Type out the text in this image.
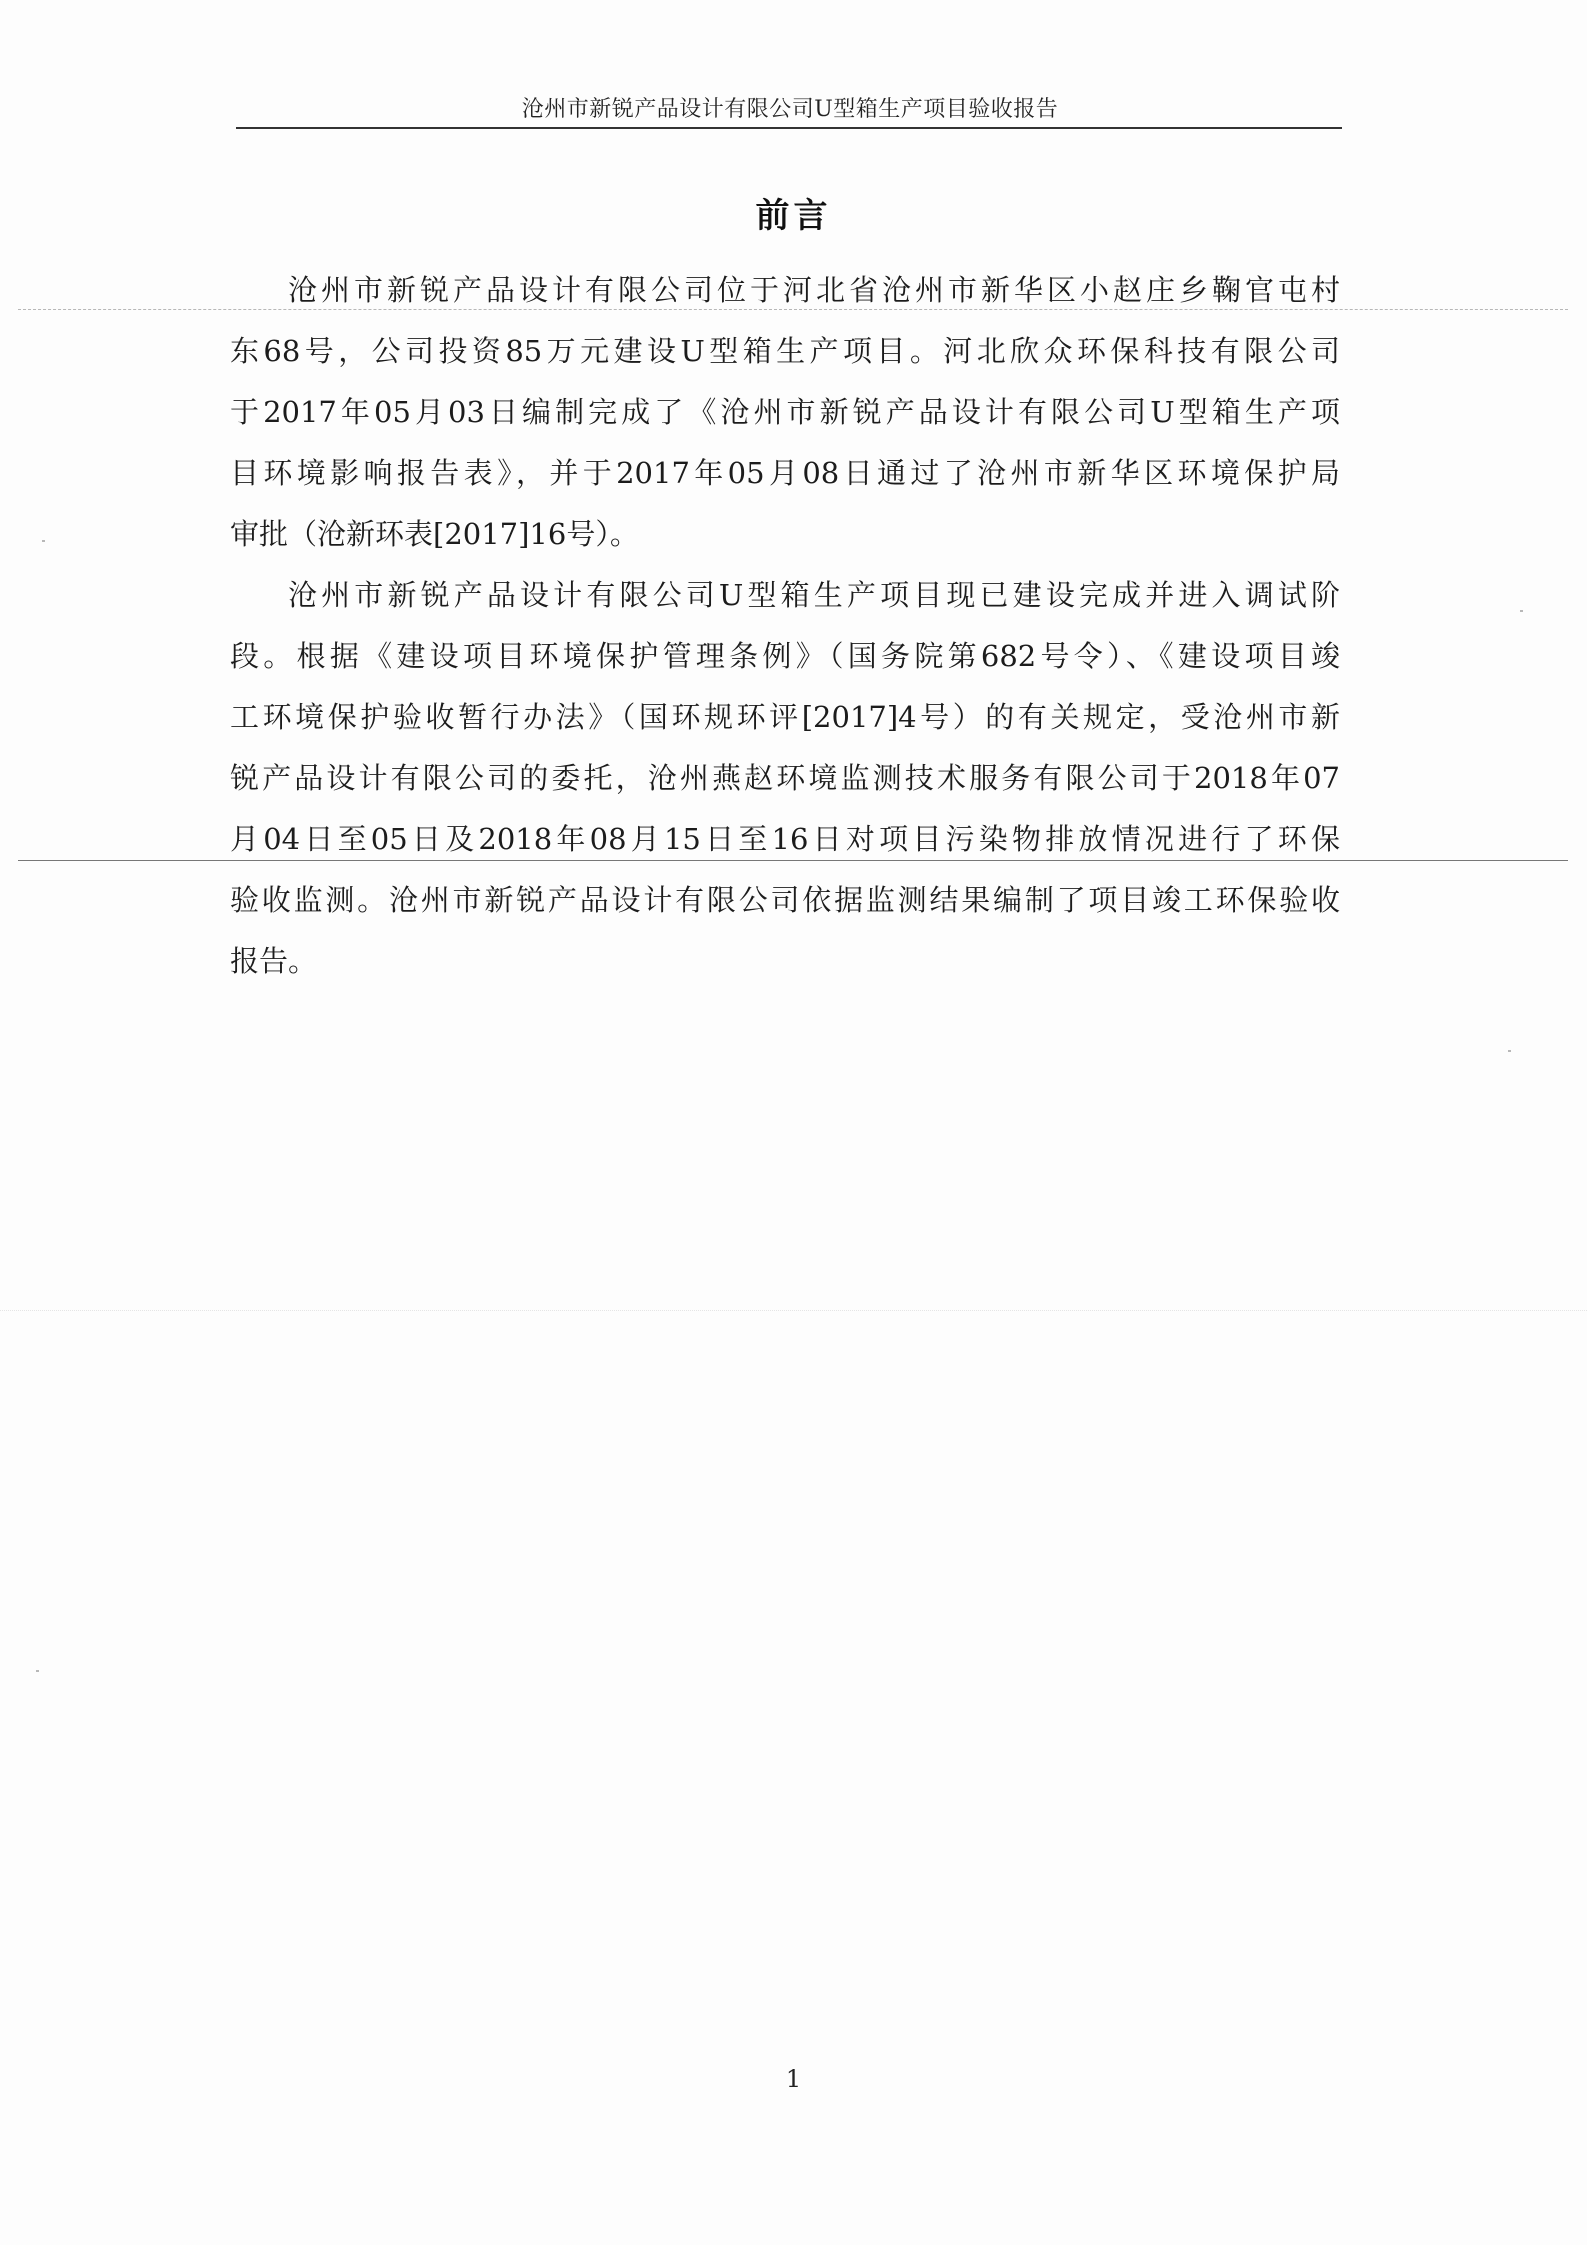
沧州市新锐产品设计有限公司U型箱生产项目验收报告
前言
沧州市新锐产品设计有限公司位于河北省沧州市新华区小赵庄乡鞠官屯村
东68号，公司投资85万元建设U型箱生产项目。河北欣众环保科技有限公司
于2017年05月03日编制完成了《沧州市新锐产品设计有限公司U型箱生产项
目环境影响报告表》，并于2017年05月08日通过了沧州市新华区环境保护局
审批（沧新环表[2017]16号）。
沧州市新锐产品设计有限公司U型箱生产项目现已建设完成并进入调试阶
段。根据《建设项目环境保护管理条例》（国务院第682号令）、《建设项目竣
工环境保护验收暂行办法》（国环规环评[2017]4号）的有关规定，受沧州市新
锐产品设计有限公司的委托，沧州燕赵环境监测技术服务有限公司于2018年07
月04日至05日及2018年08月15日至16日对项目污染物排放情况进行了环保
验收监测。沧州市新锐产品设计有限公司依据监测结果编制了项目竣工环保验收
报告。
1
